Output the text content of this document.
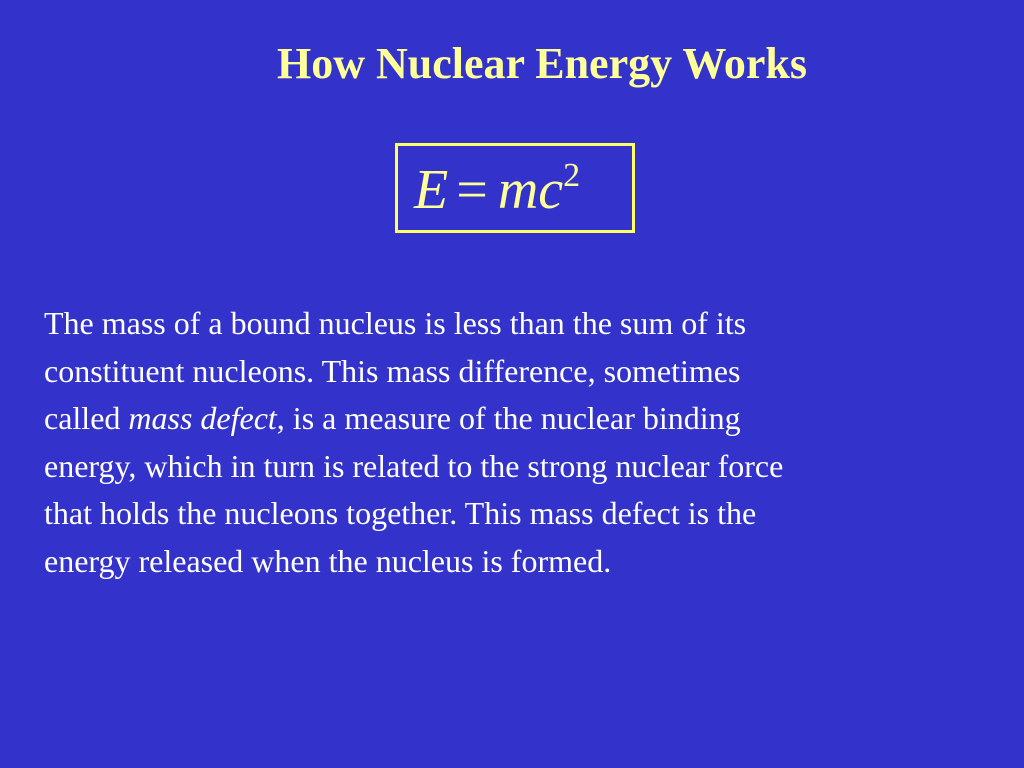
How Nuclear Energy Works
$E = mc^2$

The mass of a bound nucleus is less than the sum of its
constituent nucleons. This mass difference, sometimes
called mass defect, is a measure of the nuclear binding
energy, which in turn is related to the strong nuclear force
that holds the nucleons together. This mass defect is the
energy released when the nucleus is formed.
